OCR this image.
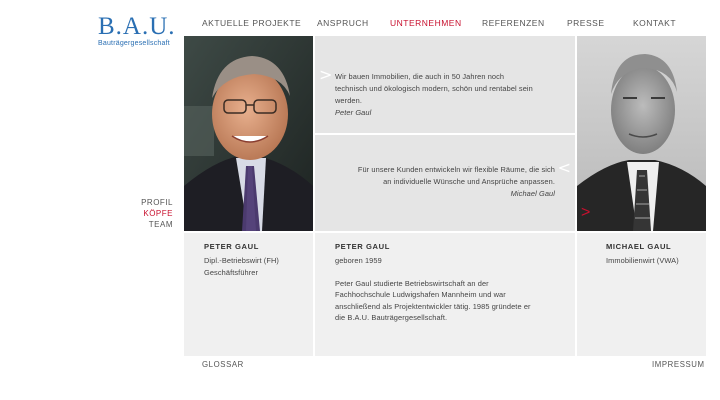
B.A.U.
Bauträgergesellschaft
AKTUELLE PROJEKTE ANSPRUCH	UNTERNEHMEN REFERENZEN	PRESSE	KONTAKT
PROFIL
KÖPFE
TEAM
> Wir bauen Immobilien, die auch in 50 Jahren noch
technisch und ökologisch modern, schön und rentabel sein
werden.
Peter Gaul
Für unsere Kunden entwickeln wir flexible Räume, die sich
an individuelle Wünsche und Ansprüche anpassen.
Michael Gaul
<
>
PETER GAUL
Dipl.-Betriebswirt (FH)
Geschäftsführer
PETER GAUL
geboren 1959
Peter Gaul studierte Betriebswirtschaft an der
Fachhochschule Ludwigshafen Mannheim und war
anschließend als Projektentwickler tätig. 1985 gründete er
die B.A.U. Bauträgergesellschaft.
MICHAEL GAUL
Immobilienwirt (VWA)
GLOSSAR	IMPRESSUM
